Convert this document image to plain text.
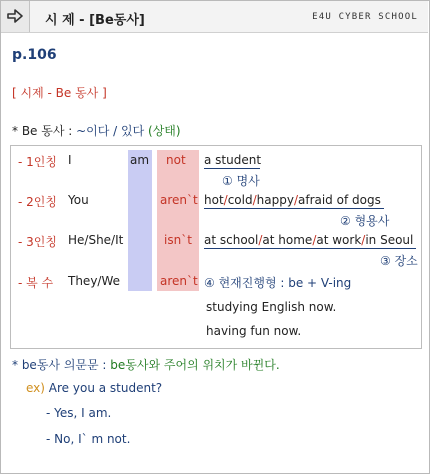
시 제 - [Be동사]	E4U CYBER SCHOOL
p.106
[ 시제 - Be 동사 ]
* Be 동사 : ~이다 / 있다 (상태)
- 1인칭 I	am not a student
① 명사
- 2인칭 You	aren`t hot/cold/happy/afraid of dogs
② 형용사
- 3인칭 He/She/It	isn`t at school/at home/at work/in Seoul
③ 장소
- 복 수 They/We	aren`t ④ 현재진행형 : be + V-ing
studying English now.
having fun now.
* be동사 의문문 : be동사와 주어의 위치가 바뀐다.
ex) Are you a student?
- Yes, I am.
- No, I` m not.
